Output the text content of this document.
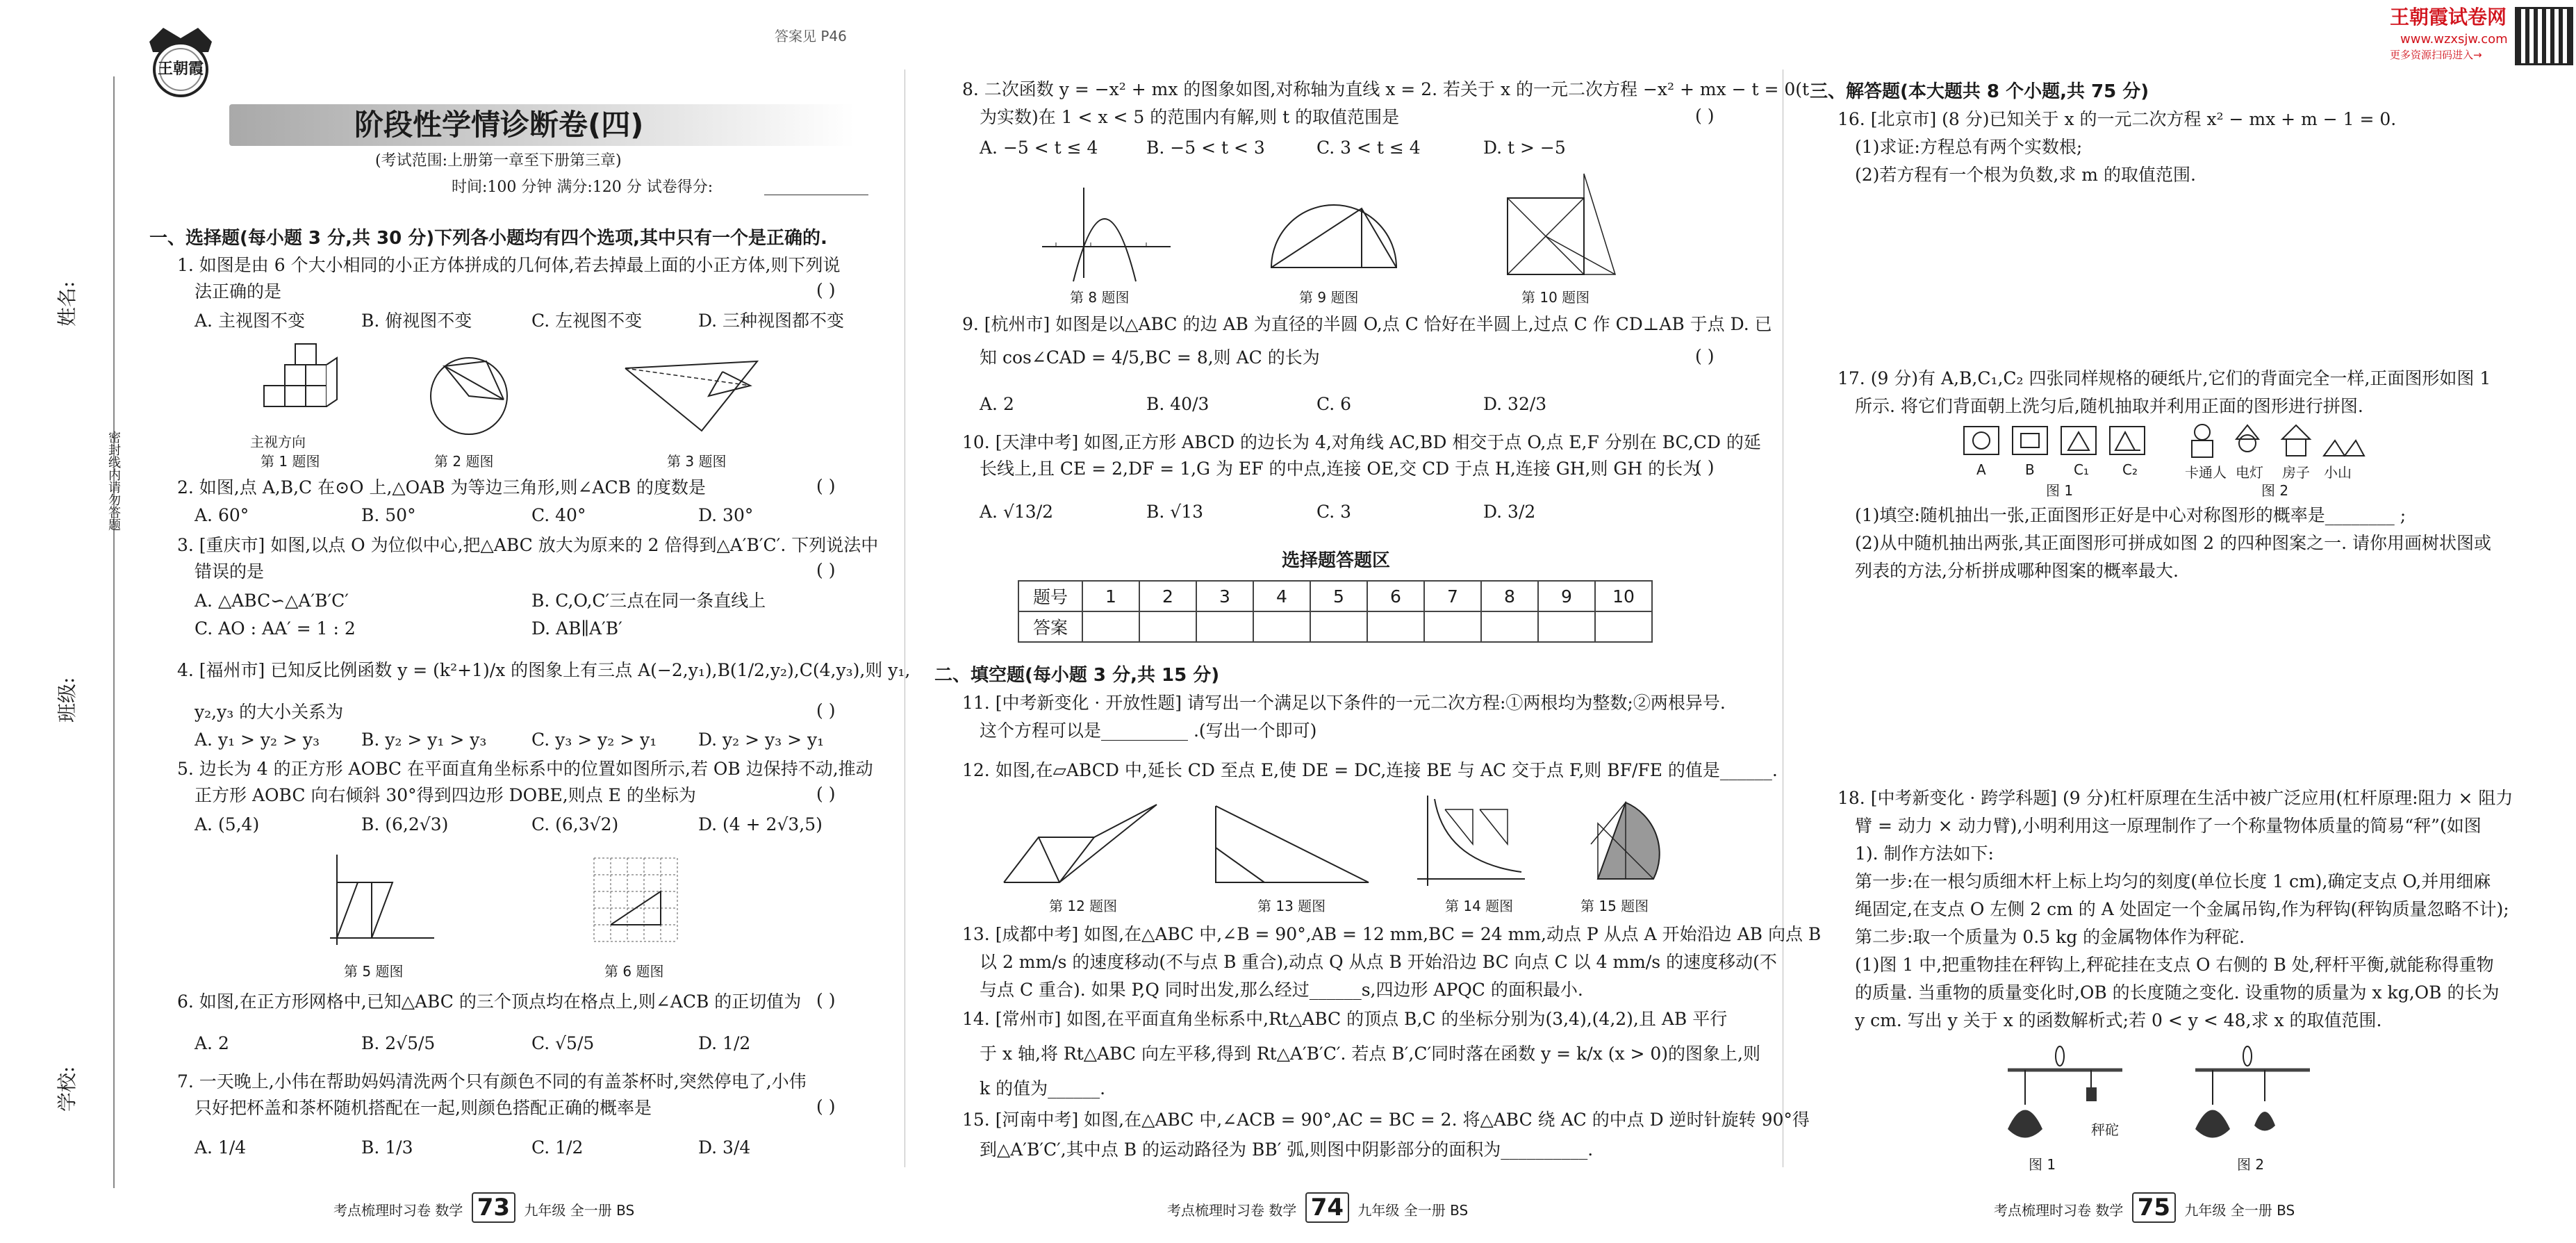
姓名:
班级:
学校:
密封线内请勿答题
王朝霞
答案见 P46
阶段性学情诊断卷(四)
(考试范围:上册第一章至下册第三章)
时间:100 分钟 满分:120 分 试卷得分:
王朝霞试卷网
www.wzxsjw.com
更多资源扫码进入→
一、选择题(每小题 3 分,共 30 分)下列各小题均有四个选项,其中只有一个是正确的.
1. 如图是由 6 个大小相同的小正方体拼成的几何体,若去掉最上面的小正方体,则下列说
法正确的是	( )
A. 主视图不变	B. 俯视图不变	C. 左视图不变	D. 三种视图都不变
主视方向
第 1 题图	第 2 题图	第 3 题图
2. 如图,点 A,B,C 在⊙O 上,△OAB 为等边三角形,则∠ACB 的度数是	( )
A. 60°	B. 50°	C. 40°	D. 30°
3. [重庆市] 如图,以点 O 为位似中心,把△ABC 放大为原来的 2 倍得到△A′B′C′. 下列说法中
错误的是	( )
A. △ABC∽△A′B′C′	B. C,O,C′三点在同一条直线上
C. AO : AA′ = 1 : 2	D. AB∥A′B′
4. [福州市] 已知反比例函数 y = (k²+1)/x 的图象上有三点 A(−2,y₁),B(1/2,y₂),C(4,y₃),则 y₁,
y₂,y₃ 的大小关系为	( )
A. y₁ > y₂ > y₃ B. y₂ > y₁ > y₃	C. y₃ > y₂ > y₁ D. y₂ > y₃ > y₁
5. 边长为 4 的正方形 AOBC 在平面直角坐标系中的位置如图所示,若 OB 边保持不动,推动
正方形 AOBC 向右倾斜 30°得到四边形 DOBE,则点 E 的坐标为	( )
A. (5,4)	B. (6,2√3)	C. (6,3√2)	D. (4 + 2√3,5)
第 5 题图	第 6 题图
6. 如图,在正方形网格中,已知△ABC 的三个顶点均在格点上,则∠ACB 的正切值为 ( )
A. 2	B. 2√5/5	C. √5/5	D. 1/2
7. 一天晚上,小伟在帮助妈妈清洗两个只有颜色不同的有盖茶杯时,突然停电了,小伟
只好把杯盖和茶杯随机搭配在一起,则颜色搭配正确的概率是	( )
A. 1/4	B. 1/3	C. 1/2	D. 3/4
考点梳理时习卷 数学 73 九年级 全一册 BS
8. 二次函数 y = −x² + mx 的图象如图,对称轴为直线 x = 2. 若关于 x 的一元二次方程 −x² + mx − t = 0(t
为实数)在 1 < x < 5 的范围内有解,则 t 的取值范围是	( )
A. −5 < t ≤ 4	B. −5 < t < 3	C. 3 < t ≤ 4	D. t > −5
第 8 题图	第 9 题图	第 10 题图
9. [杭州市] 如图是以△ABC 的边 AB 为直径的半圆 O,点 C 恰好在半圆上,过点 C 作 CD⊥AB 于点 D. 已
知 cos∠CAD = 4/5,BC = 8,则 AC 的长为	( )
A. 2	B. 40/3	C. 6	D. 32/3
10. [天津中考] 如图,正方形 ABCD 的边长为 4,对角线 AC,BD 相交于点 O,点 E,F 分别在 BC,CD 的延
长线上,且 CE = 2,DF = 1,G 为 EF 的中点,连接 OE,交 CD 于点 H,连接 GH,则 GH 的长为
( )
A. √13/2	B. √13	C. 3	D. 3/2
选择题答题区
题号	1	2	3	4	5	6	7	8	9	10
答案										
二、填空题(每小题 3 分,共 15 分)
11. [中考新变化 · 开放性题] 请写出一个满足以下条件的一元二次方程:①两根均为整数;②两根异号.
这个方程可以是__________ .(写出一个即可)
12. 如图,在▱ABCD 中,延长 CD 至点 E,使 DE = DC,连接 BE 与 AC 交于点 F,则 BF/FE 的值是______.
第 12 题图	第 13 题图	第 14 题图	第 15 题图
13. [成都中考] 如图,在△ABC 中,∠B = 90°,AB = 12 mm,BC = 24 mm,动点 P 从点 A 开始沿边 AB 向点 B
以 2 mm/s 的速度移动(不与点 B 重合),动点 Q 从点 B 开始沿边 BC 向点 C 以 4 mm/s 的速度移动(不
与点 C 重合). 如果 P,Q 同时出发,那么经过______s,四边形 APQC 的面积最小.
14. [常州市] 如图,在平面直角坐标系中,Rt△ABC 的顶点 B,C 的坐标分别为(3,4),(4,2),且 AB 平行
于 x 轴,将 Rt△ABC 向左平移,得到 Rt△A′B′C′. 若点 B′,C′同时落在函数 y = k/x (x > 0)的图象上,则
k 的值为______.
15. [河南中考] 如图,在△ABC 中,∠ACB = 90°,AC = BC = 2. 将△ABC 绕 AC 的中点 D 逆时针旋转 90°得
到△A′B′C′,其中点 B 的运动路径为 BB′ 弧,则图中阴影部分的面积为__________.
考点梳理时习卷 数学 74 九年级 全一册 BS
三、解答题(本大题共 8 个小题,共 75 分)
16. [北京市] (8 分)已知关于 x 的一元二次方程 x² − mx + m − 1 = 0.
(1)求证:方程总有两个实数根;
(2)若方程有一个根为负数,求 m 的取值范围.
17. (9 分)有 A,B,C₁,C₂ 四张同样规格的硬纸片,它们的背面完全一样,正面图形如图 1
所示. 将它们背面朝上洗匀后,随机抽取并利用正面的图形进行拼图.
A	B	C₁ C₂
图 1
卡通人 电灯 房子 小山
图 2
(1)填空:随机抽出一张,正面图形正好是中心对称图形的概率是________ ;
(2)从中随机抽出两张,其正面图形可拼成如图 2 的四种图案之一. 请你用画树状图或
列表的方法,分析拼成哪种图案的概率最大.
18. [中考新变化 · 跨学科题] (9 分)杠杆原理在生活中被广泛应用(杠杆原理:阻力 × 阻力
臂 = 动力 × 动力臂),小明利用这一原理制作了一个称量物体质量的简易“秤”(如图
1). 制作方法如下:
第一步:在一根匀质细木杆上标上均匀的刻度(单位长度 1 cm),确定支点 O,并用细麻
绳固定,在支点 O 左侧 2 cm 的 A 处固定一个金属吊钩,作为秤钩(秤钩质量忽略不计);
第二步:取一个质量为 0.5 kg 的金属物体作为秤砣.
(1)图 1 中,把重物挂在秤钩上,秤砣挂在支点 O 右侧的 B 处,秤杆平衡,就能称得重物
的质量. 当重物的质量变化时,OB 的长度随之变化. 设重物的质量为 x kg,OB 的长为
y cm. 写出 y 关于 x 的函数解析式;若 0 < y < 48,求 x 的取值范围.
秤砣
图 1	图 2
考点梳理时习卷 数学 75 九年级 全一册 BS
